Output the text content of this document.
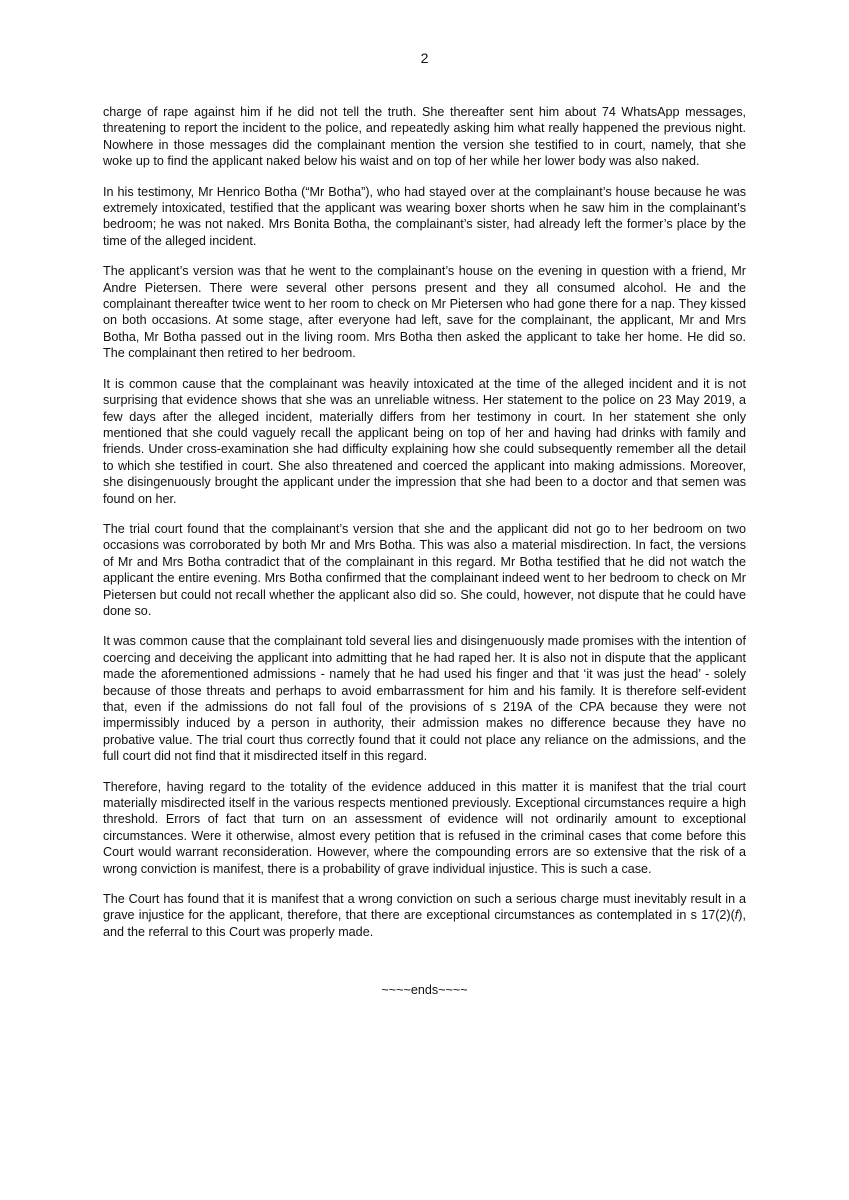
2

charge of rape against him if he did not tell the truth. She thereafter sent him about 74 WhatsApp messages, threatening to report the incident to the police, and repeatedly asking him what really happened the previous night. Nowhere in those messages did the complainant mention the version she testified to in court, namely, that she woke up to find the applicant naked below his waist and on top of her while her lower body was also naked.

In his testimony, Mr Henrico Botha (“Mr Botha”), who had stayed over at the complainant’s house because he was extremely intoxicated, testified that the applicant was wearing boxer shorts when he saw him in the complainant’s bedroom; he was not naked. Mrs Bonita Botha, the complainant’s sister, had already left the former’s place by the time of the alleged incident.

The applicant’s version was that he went to the complainant’s house on the evening in question with a friend, Mr Andre Pietersen. There were several other persons present and they all consumed alcohol. He and the complainant thereafter twice went to her room to check on Mr Pietersen who had gone there for a nap. They kissed on both occasions. At some stage, after everyone had left, save for the complainant, the applicant, Mr and Mrs Botha, Mr Botha passed out in the living room. Mrs Botha then asked the applicant to take her home. He did so. The complainant then retired to her bedroom.

It is common cause that the complainant was heavily intoxicated at the time of the alleged incident and it is not surprising that evidence shows that she was an unreliable witness. Her statement to the police on 23 May 2019, a few days after the alleged incident, materially differs from her testimony in court. In her statement she only mentioned that she could vaguely recall the applicant being on top of her and having had drinks with family and friends. Under cross-examination she had difficulty explaining how she could subsequently remember all the detail to which she testified in court. She also threatened and coerced the applicant into making admissions. Moreover, she disingenuously brought the applicant under the impression that she had been to a doctor and that semen was found on her.

The trial court found that the complainant’s version that she and the applicant did not go to her bedroom on two occasions was corroborated by both Mr and Mrs Botha. This was also a material misdirection. In fact, the versions of Mr and Mrs Botha contradict that of the complainant in this regard. Mr Botha testified that he did not watch the applicant the entire evening. Mrs Botha confirmed that the complainant indeed went to her bedroom to check on Mr Pietersen but could not recall whether the applicant also did so. She could, however, not dispute that he could have done so.

It was common cause that the complainant told several lies and disingenuously made promises with the intention of coercing and deceiving the applicant into admitting that he had raped her. It is also not in dispute that the applicant made the aforementioned admissions - namely that he had used his finger and that ‘it was just the head’ - solely because of those threats and perhaps to avoid embarrassment for him and his family. It is therefore self-evident that, even if the admissions do not fall foul of the provisions of s 219A of the CPA because they were not impermissibly induced by a person in authority, their admission makes no difference because they have no probative value. The trial court thus correctly found that it could not place any reliance on the admissions, and the full court did not find that it misdirected itself in this regard.

Therefore, having regard to the totality of the evidence adduced in this matter it is manifest that the trial court materially misdirected itself in the various respects mentioned previously. Exceptional circumstances require a high threshold. Errors of fact that turn on an assessment of evidence will not ordinarily amount to exceptional circumstances. Were it otherwise, almost every petition that is refused in the criminal cases that come before this Court would warrant reconsideration. However, where the compounding errors are so extensive that the risk of a wrong conviction is manifest, there is a probability of grave individual injustice. This is such a case.

The Court has found that it is manifest that a wrong conviction on such a serious charge must inevitably result in a grave injustice for the applicant, therefore, that there are exceptional circumstances as contemplated in s 17(2)(f), and the referral to this Court was properly made.

~~~~ends~~~~
